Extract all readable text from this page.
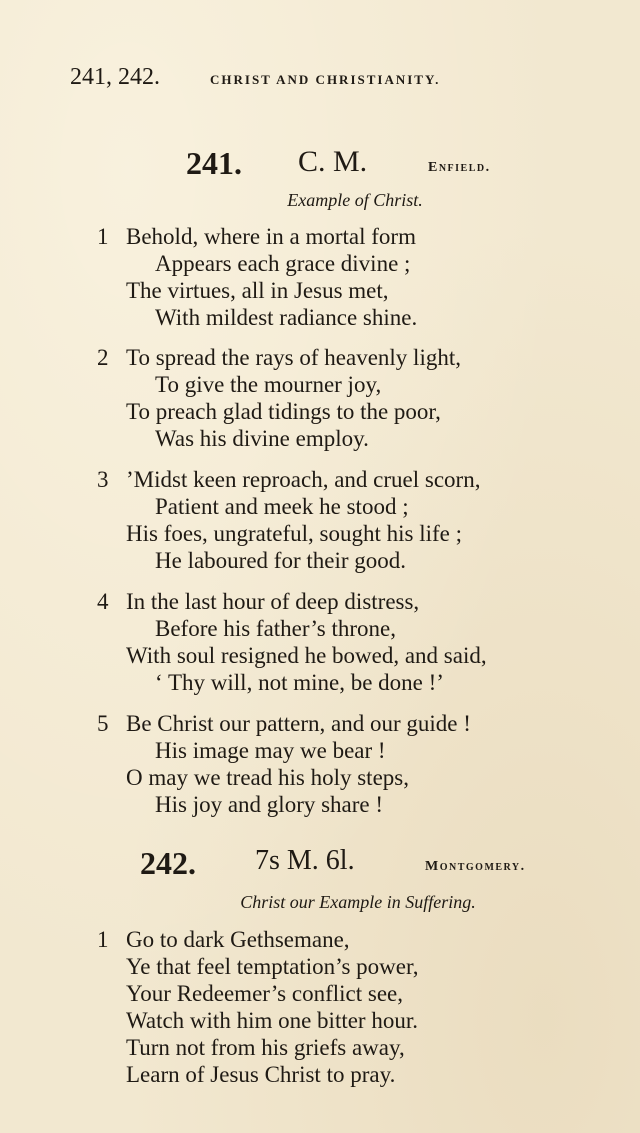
241, 242.	CHRIST AND CHRISTIANITY.
241. C. M.	Enfield.
Example of Christ.
1 Behold, where in a mortal form
Appears each grace divine ;
The virtues, all in Jesus met,
With mildest radiance shine.
2 To spread the rays of heavenly light,
To give the mourner joy,
To preach glad tidings to the poor,
Was his divine employ.
3 ’Midst keen reproach, and cruel scorn,
Patient and meek he stood ;
His foes, ungrateful, sought his life ;
He laboured for their good.
4 In the last hour of deep distress,
Before his father’s throne,
With soul resigned he bowed, and said,
‘ Thy will, not mine, be done !’
5 Be Christ our pattern, and our guide !
His image may we bear !
O may we tread his holy steps,
His joy and glory share !
242. 7s M. 6l.	Montgomery.
Christ our Example in Suffering.
1 Go to dark Gethsemane,
Ye that feel temptation’s power,
Your Redeemer’s conflict see,
Watch with him one bitter hour.
Turn not from his griefs away,
Learn of Jesus Christ to pray.
